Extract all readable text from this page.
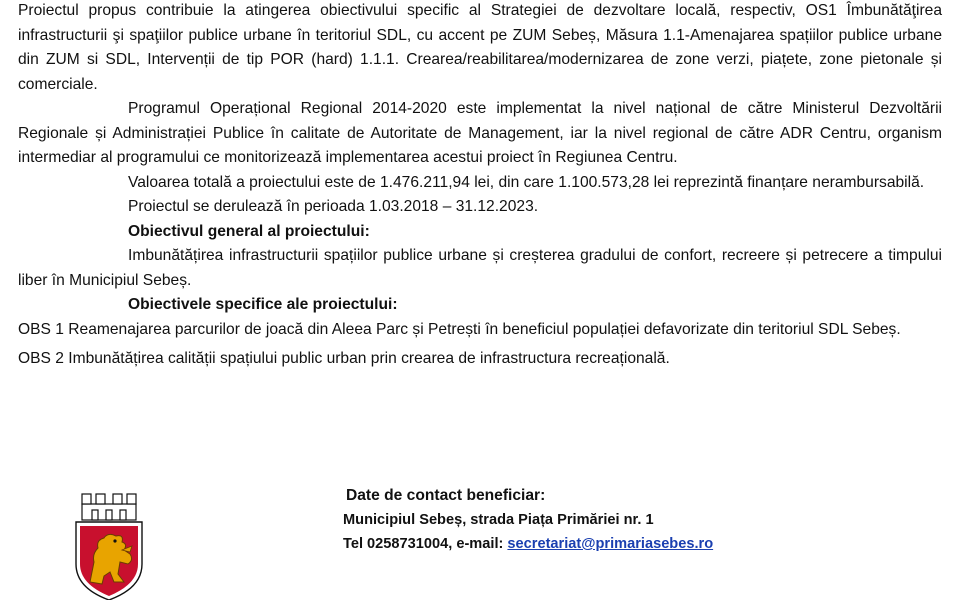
Proiectul propus contribuie la atingerea obiectivului specific al Strategiei de dezvoltare locală, respectiv, OS1 Îmbunătăţirea infrastructurii şi spaţiilor publice urbane în teritoriul SDL, cu accent pe ZUM Sebeș, Măsura 1.1-Amenajarea spațiilor publice urbane din ZUM si SDL, Intervenții de tip POR (hard) 1.1.1. Crearea/reabilitarea/modernizarea de zone verzi, piațete, zone pietonale și comerciale.

Programul Operațional Regional 2014-2020 este implementat la nivel național de către Ministerul Dezvoltării Regionale și Administrației Publice în calitate de Autoritate de Management, iar la nivel regional de către ADR Centru, organism intermediar al programului ce monitorizează implementarea acestui proiect în Regiunea Centru.

Valoarea totală a proiectului este de 1.476.211,94 lei, din care 1.100.573,28 lei reprezintă finanțare nerambursabilă.

Proiectul se derulează în perioada 1.03.2018 – 31.12.2023.

Obiectivul general al proiectului:

Imbunătățirea infrastructurii spațiilor publice urbane și creșterea gradului de confort, recreere și petrecere a timpului liber în Municipiul Sebeș.

Obiectivele specifice ale proiectului:

OBS 1 Reamenajarea parcurilor de joacă din Aleea Parc și Petrești în beneficiul populației defavorizate din teritoriul SDL Sebeș.

OBS 2 Imbunătățirea calității spațiului public urban prin crearea de infrastructura recreațională.

Date de contact beneficiar:
Municipiul Sebeș, strada Piața Primăriei nr. 1
Tel 0258731004, e-mail: secretariat@primariasebes.ro
